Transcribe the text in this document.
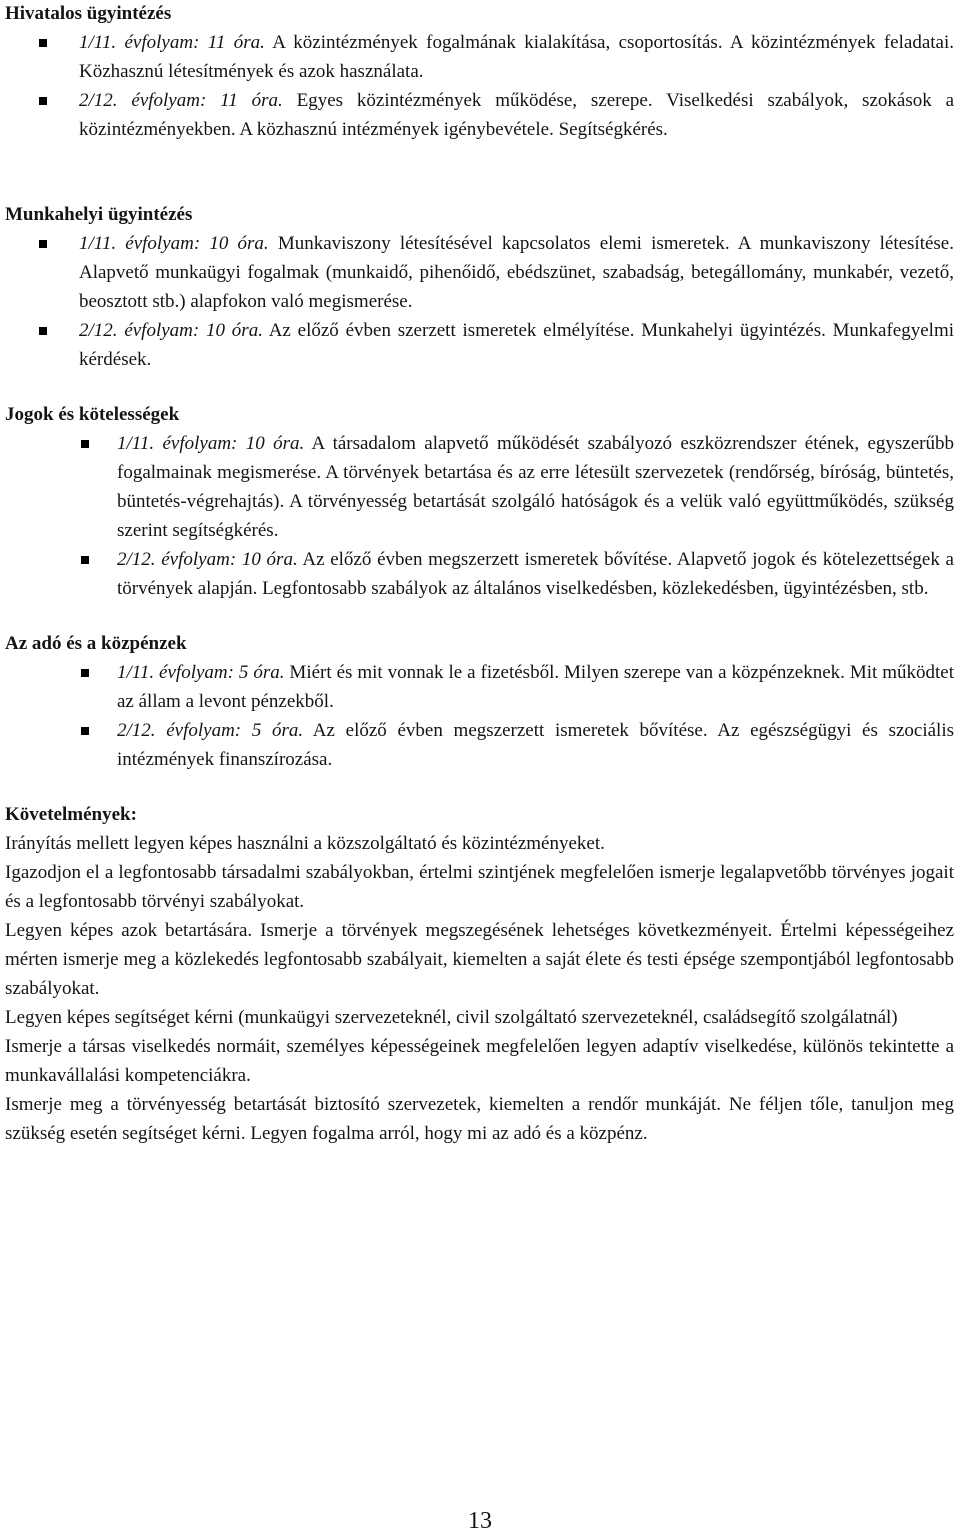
Hivatalos ügyintézés
1/11. évfolyam: 11 óra. A közintézmények fogalmának kialakítása, csoportosítás. A közintézmények feladatai. Közhasznú létesítmények és azok használata.
2/12. évfolyam: 11 óra. Egyes közintézmények működése, szerepe. Viselkedési szabályok, szokások a közintézményekben. A közhasznú intézmények igénybevétele. Segítségkérés.
Munkahelyi ügyintézés
1/11. évfolyam: 10 óra. Munkaviszony létesítésével kapcsolatos elemi ismeretek. A munkaviszony létesítése. Alapvető munkaügyi fogalmak (munkaidő, pihenőidő, ebédszünet, szabadság, betegállomány, munkabér, vezető, beosztott stb.) alapfokon való megismerése.
2/12. évfolyam: 10 óra. Az előző évben szerzett ismeretek elmélyítése. Munkahelyi ügyintézés. Munkafegyelmi kérdések.
Jogok és kötelességek
1/11. évfolyam: 10 óra. A társadalom alapvető működését szabályozó eszközrendszer étének, egyszerűbb fogalmainak megismerése. A törvények betartása és az erre létesült szervezetek (rendőrség, bíróság, büntetés, büntetés-végrehajtás). A törvényesség betartását szolgáló hatóságok és a velük való együttműködés, szükség szerint segítségkérés.
2/12. évfolyam: 10 óra. Az előző évben megszerzett ismeretek bővítése. Alapvető jogok és kötelezettségek a törvények alapján. Legfontosabb szabályok az általános viselkedésben, közlekedésben, ügyintézésben, stb.
Az adó és a közpénzek
1/11. évfolyam: 5 óra. Miért és mit vonnak le a fizetésből. Milyen szerepe van a közpénzeknek. Mit működtet az állam a levont pénzekből.
2/12. évfolyam: 5 óra. Az előző évben megszerzett ismeretek bővítése. Az egészségügyi és szociális intézmények finanszírozása.
Követelmények:

Irányítás mellett legyen képes használni a közszolgáltató és közintézményeket.

Igazodjon el a legfontosabb társadalmi szabályokban, értelmi szintjének megfelelően ismerje legalapvetőbb törvényes jogait és a legfontosabb törvényi szabályokat.

Legyen képes azok betartására. Ismerje a törvények megszegésének lehetséges következményeit. Értelmi képességeihez mérten ismerje meg a közlekedés legfontosabb szabályait, kiemelten a saját élete és testi épsége szempontjából legfontosabb szabályokat.

Legyen képes segítséget kérni (munkaügyi szervezeteknél, civil szolgáltató szervezeteknél, családsegítő szolgálatnál)

Ismerje a társas viselkedés normáit, személyes képességeinek megfelelően legyen adaptív viselkedése, különös tekintette a munkavállalási kompetenciákra.

Ismerje meg a törvényesség betartását biztosító szervezetek, kiemelten a rendőr munkáját. Ne féljen tőle, tanuljon meg szükség esetén segítséget kérni. Legyen fogalma arról, hogy mi az adó és a közpénz.

13
